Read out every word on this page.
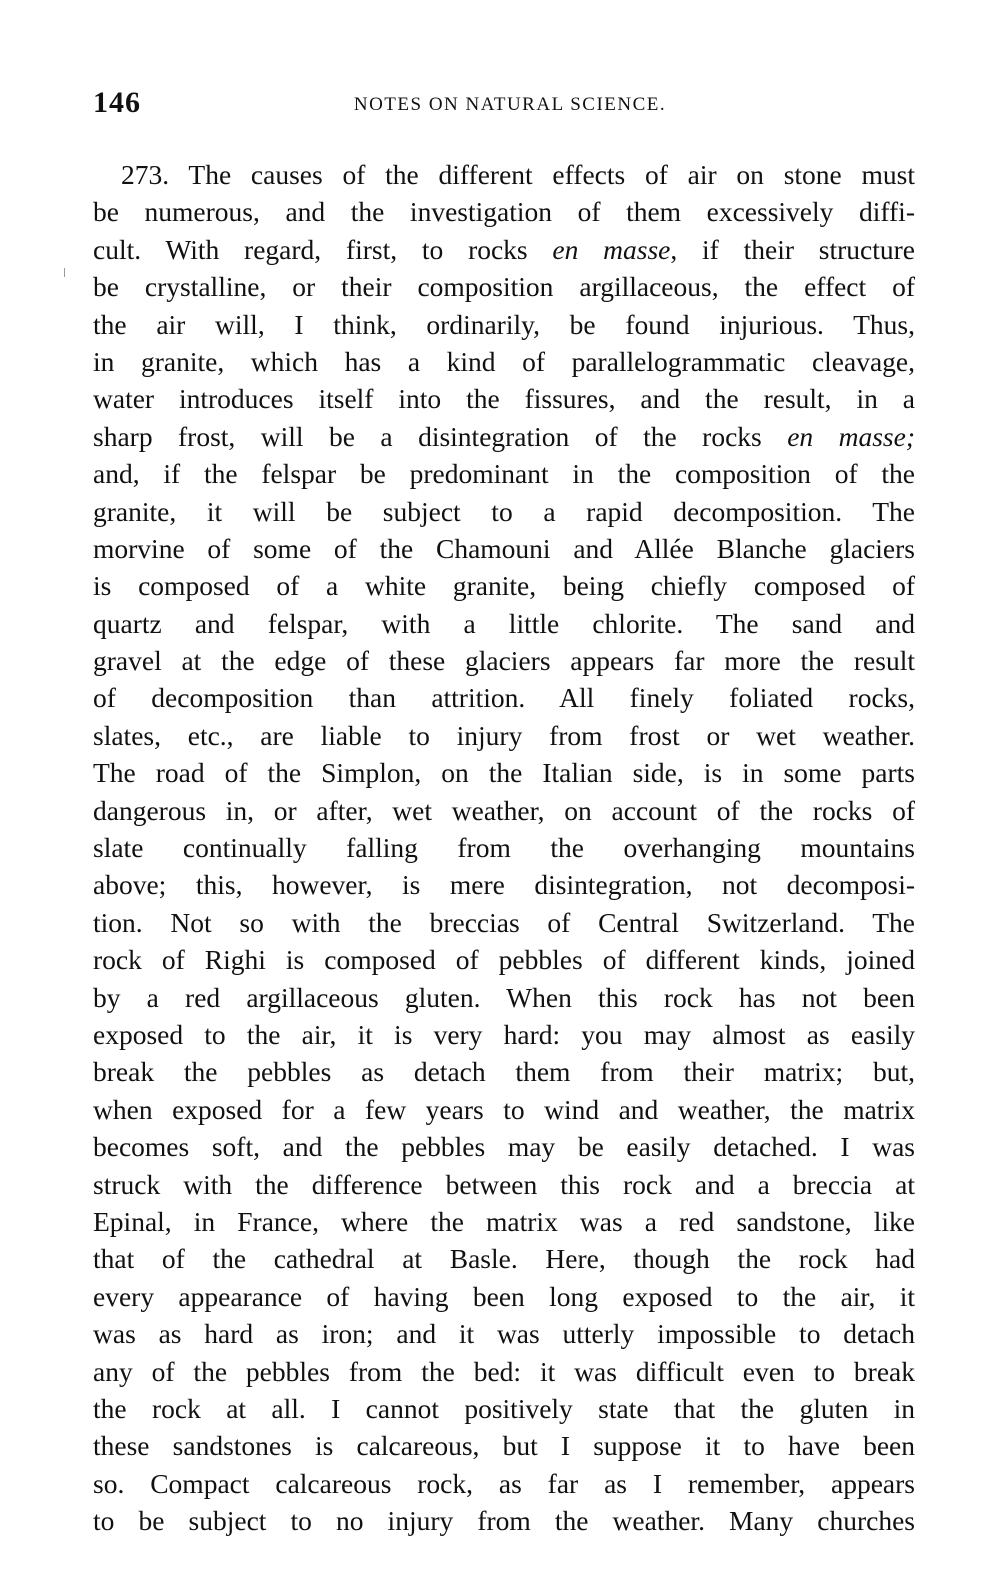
146	NOTES ON NATURAL SCIENCE.
273. The causes of the different effects of air on stone must
be numerous, and the investigation of them excessively diffi-
cult. With regard, first, to rocks en masse, if their structure
be crystalline, or their composition argillaceous, the effect of
the air will, I think, ordinarily, be found injurious. Thus,
in granite, which has a kind of parallelogrammatic cleavage,
water introduces itself into the fissures, and the result, in a
sharp frost, will be a disintegration of the rocks en masse;
and, if the felspar be predominant in the composition of the
granite, it will be subject to a rapid decomposition. The
morvine of some of the Chamouni and Allée Blanche glaciers
is composed of a white granite, being chiefly composed of
quartz and felspar, with a little chlorite. The sand and
gravel at the edge of these glaciers appears far more the result
of decomposition than attrition. All finely foliated rocks,
slates, etc., are liable to injury from frost or wet weather.
The road of the Simplon, on the Italian side, is in some parts
dangerous in, or after, wet weather, on account of the rocks of
slate continually falling from the overhanging mountains
above; this, however, is mere disintegration, not decomposi-
tion. Not so with the breccias of Central Switzerland. The
rock of Righi is composed of pebbles of different kinds, joined
by a red argillaceous gluten. When this rock has not been
exposed to the air, it is very hard: you may almost as easily
break the pebbles as detach them from their matrix; but,
when exposed for a few years to wind and weather, the matrix
becomes soft, and the pebbles may be easily detached. I was
struck with the difference between this rock and a breccia at
Epinal, in France, where the matrix was a red sandstone, like
that of the cathedral at Basle. Here, though the rock had
every appearance of having been long exposed to the air, it
was as hard as iron; and it was utterly impossible to detach
any of the pebbles from the bed: it was difficult even to break
the rock at all. I cannot positively state that the gluten in
these sandstones is calcareous, but I suppose it to have been
so. Compact calcareous rock, as far as I remember, appears
to be subject to no injury from the weather. Many churches
